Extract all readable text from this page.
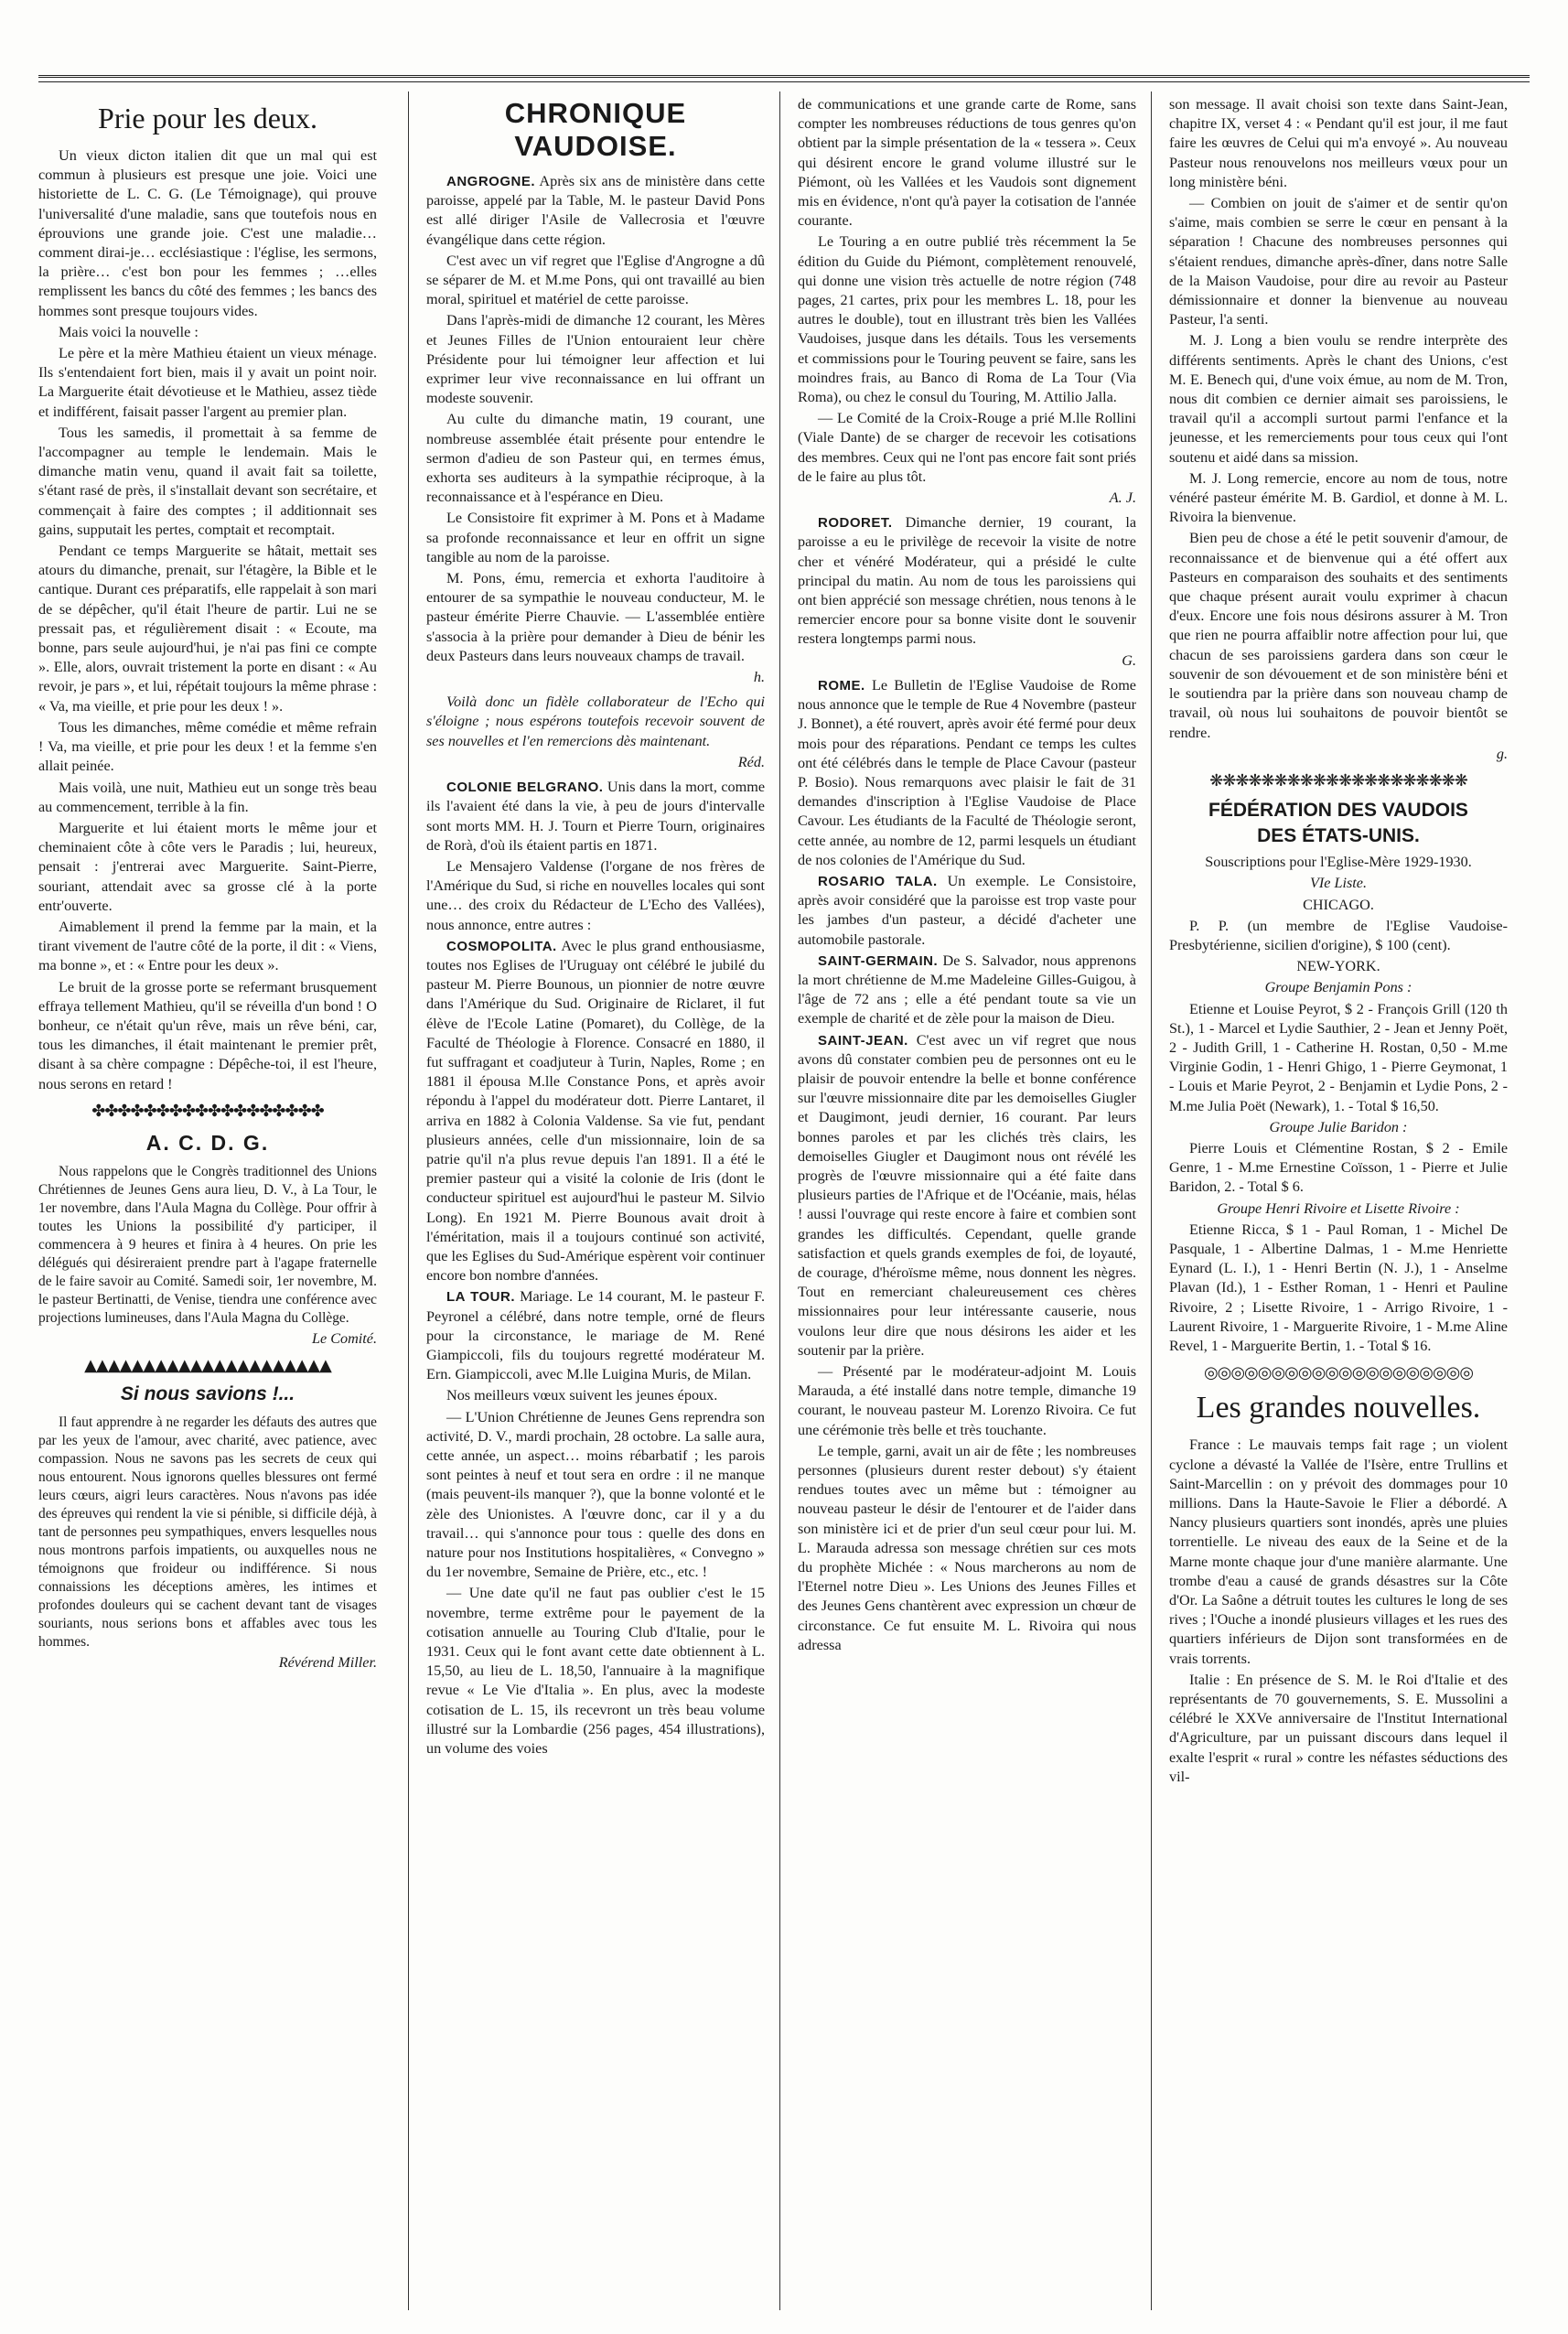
Prie pour les deux.

Un vieux dicton italien dit que un mal qui est commun à plusieurs est presque une joie. Voici une historiette de L. C. G. (Le Témoignage), qui prouve l'universalité d'une maladie, sans que toutefois nous en éprouvions une grande joie. C'est une maladie… comment dirai-je… ecclésiastique : l'église, les sermons, la prière… c'est bon pour les femmes ; …elles remplissent les bancs du côté des femmes ; les bancs des hommes sont presque toujours vides.

Mais voici la nouvelle :

Le père et la mère Mathieu étaient un vieux ménage. Ils s'entendaient fort bien, mais il y avait un point noir. La Marguerite était dévotieuse et le Mathieu, assez tiède et indifférent, faisait passer l'argent au premier plan.

Tous les samedis, il promettait à sa femme de l'accompagner au temple le lendemain. Mais le dimanche matin venu, quand il avait fait sa toilette, s'étant rasé de près, il s'installait devant son secrétaire, et commençait à faire des comptes ; il additionnait ses gains, supputait les pertes, comptait et recomptait.

Pendant ce temps Marguerite se hâtait, mettait ses atours du dimanche, prenait, sur l'étagère, la Bible et le cantique. Durant ces préparatifs, elle rappelait à son mari de se dépêcher, qu'il était l'heure de partir. Lui ne se pressait pas, et régulièrement disait : « Ecoute, ma bonne, pars seule aujourd'hui, je n'ai pas fini ce compte ». Elle, alors, ouvrait tristement la porte en disant : « Au revoir, je pars », et lui, répétait toujours la même phrase : « Va, ma vieille, et prie pour les deux ! ».

Tous les dimanches, même comédie et même refrain ! Va, ma vieille, et prie pour les deux ! et la femme s'en allait peinée.

Mais voilà, une nuit, Mathieu eut un songe très beau au commencement, terrible à la fin.

Marguerite et lui étaient morts le même jour et cheminaient côte à côte vers le Paradis ; lui, heureux, pensait : j'entrerai avec Marguerite. Saint-Pierre, souriant, attendait avec sa grosse clé à la porte entr'ouverte.

Aimablement il prend la femme par la main, et la tirant vivement de l'autre côté de la porte, il dit : « Viens, ma bonne », et : « Entre pour les deux ».

Le bruit de la grosse porte se refermant brusquement effraya tellement Mathieu, qu'il se réveilla d'un bond ! O bonheur, ce n'était qu'un rêve, mais un rêve béni, car, tous les dimanches, il était maintenant le premier prêt, disant à sa chère compagne : Dépêche-toi, il est l'heure, nous serons en retard !

✤✤✤✤✤✤✤✤✤✤✤✤✤✤✤✤✤✤
A. C. D. G.

Nous rappelons que le Congrès traditionnel des Unions Chrétiennes de Jeunes Gens aura lieu, D. V., à La Tour, le 1er novembre, dans l'Aula Magna du Collège. Pour offrir à toutes les Unions la possibilité d'y participer, il commencera à 9 heures et finira à 4 heures. On prie les délégués qui désireraient prendre part à l'agape fraternelle de le faire savoir au Comité. Samedi soir, 1er novembre, M. le pasteur Bertinatti, de Venise, tiendra une conférence avec projections lumineuses, dans l'Aula Magna du Collège.

Le Comité.
▲▲▲▲▲▲▲▲▲▲▲▲▲▲▲▲▲▲▲▲▲
Si nous savions !...

Il faut apprendre à ne regarder les défauts des autres que par les yeux de l'amour, avec charité, avec patience, avec compassion. Nous ne savons pas les secrets de ceux qui nous entourent. Nous ignorons quelles blessures ont fermé leurs cœurs, aigri leurs caractères. Nous n'avons pas idée des épreuves qui rendent la vie si pénible, si difficile déjà, à tant de personnes peu sympathiques, envers lesquelles nous nous montrons parfois impatients, ou auxquelles nous ne témoignons que froideur ou indifférence. Si nous connaissions les déceptions amères, les intimes et profondes douleurs qui se cachent devant tant de visages souriants, nous serions bons et affables avec tous les hommes.

Révérend Miller.
CHRONIQUE VAUDOISE.

ANGROGNE. Après six ans de ministère dans cette paroisse, appelé par la Table, M. le pasteur David Pons est allé diriger l'Asile de Vallecrosia et l'œuvre évangélique dans cette région.

C'est avec un vif regret que l'Eglise d'Angrogne a dû se séparer de M. et M.me Pons, qui ont travaillé au bien moral, spirituel et matériel de cette paroisse.

Dans l'après-midi de dimanche 12 courant, les Mères et Jeunes Filles de l'Union entouraient leur chère Présidente pour lui témoigner leur affection et lui exprimer leur vive reconnaissance en lui offrant un modeste souvenir.

Au culte du dimanche matin, 19 courant, une nombreuse assemblée était présente pour entendre le sermon d'adieu de son Pasteur qui, en termes émus, exhorta ses auditeurs à la sympathie réciproque, à la reconnaissance et à l'espérance en Dieu.

Le Consistoire fit exprimer à M. Pons et à Madame sa profonde reconnaissance et leur en offrit un signe tangible au nom de la paroisse.

M. Pons, ému, remercia et exhorta l'auditoire à entourer de sa sympathie le nouveau conducteur, M. le pasteur émérite Pierre Chauvie. — L'assemblée entière s'associa à la prière pour demander à Dieu de bénir les deux Pasteurs dans leurs nouveaux champs de travail.

h.

Voilà donc un fidèle collaborateur de l'Echo qui s'éloigne ; nous espérons toutefois recevoir souvent de ses nouvelles et l'en remercions dès maintenant.

Réd.

COLONIE BELGRANO. Unis dans la mort, comme ils l'avaient été dans la vie, à peu de jours d'intervalle sont morts MM. H. J. Tourn et Pierre Tourn, originaires de Rorà, d'où ils étaient partis en 1871.

Le Mensajero Valdense (l'organe de nos frères de l'Amérique du Sud, si riche en nouvelles locales qui sont une… des croix du Rédacteur de L'Echo des Vallées), nous annonce, entre autres :

COSMOPOLITA. Avec le plus grand enthousiasme, toutes nos Eglises de l'Uruguay ont célébré le jubilé du pasteur M. Pierre Bounous, un pionnier de notre œuvre dans l'Amérique du Sud. Originaire de Riclaret, il fut élève de l'Ecole Latine (Pomaret), du Collège, de la Faculté de Théologie à Florence. Consacré en 1880, il fut suffragant et coadjuteur à Turin, Naples, Rome ; en 1881 il épousa M.lle Constance Pons, et après avoir répondu à l'appel du modérateur dott. Pierre Lantaret, il arriva en 1882 à Colonia Valdense. Sa vie fut, pendant plusieurs années, celle d'un missionnaire, loin de sa patrie qu'il n'a plus revue depuis l'an 1891. Il a été le premier pasteur qui a visité la colonie de Iris (dont le conducteur spirituel est aujourd'hui le pasteur M. Silvio Long). En 1921 M. Pierre Bounous avait droit à l'éméritation, mais il a toujours continué son activité, que les Eglises du Sud-Amérique espèrent voir continuer encore bon nombre d'années.

LA TOUR. Mariage. Le 14 courant, M. le pasteur F. Peyronel a célébré, dans notre temple, orné de fleurs pour la circonstance, le mariage de M. René Giampiccoli, fils du toujours regretté modérateur M. Ern. Giampiccoli, avec M.lle Luigina Muris, de Milan.

Nos meilleurs vœux suivent les jeunes époux.

— L'Union Chrétienne de Jeunes Gens reprendra son activité, D. V., mardi prochain, 28 octobre. La salle aura, cette année, un aspect… moins rébarbatif ; les parois sont peintes à neuf et tout sera en ordre : il ne manque (mais peuvent-ils manquer ?), que la bonne volonté et le zèle des Unionistes. A l'œuvre donc, car il y a du travail… qui s'annonce pour tous : quelle des dons en nature pour nos Institutions hospitalières, « Convegno » du 1er novembre, Semaine de Prière, etc., etc. !

— Une date qu'il ne faut pas oublier c'est le 15 novembre, terme extrême pour le payement de la cotisation annuelle au Touring Club d'Italie, pour le 1931. Ceux qui le font avant cette date obtiennent à L. 15,50, au lieu de L. 18,50, l'annuaire à la magnifique revue « Le Vie d'Italia ». En plus, avec la modeste cotisation de L. 15, ils recevront un très beau volume illustré sur la Lombardie (256 pages, 454 illustrations), un volume des voies

de communications et une grande carte de Rome, sans compter les nombreuses réductions de tous genres qu'on obtient par la simple présentation de la « tessera ». Ceux qui désirent encore le grand volume illustré sur le Piémont, où les Vallées et les Vaudois sont dignement mis en évidence, n'ont qu'à payer la cotisation de l'année courante.

Le Touring a en outre publié très récemment la 5e édition du Guide du Piémont, complètement renouvelé, qui donne une vision très actuelle de notre région (748 pages, 21 cartes, prix pour les membres L. 18, pour les autres le double), tout en illustrant très bien les Vallées Vaudoises, jusque dans les détails. Tous les versements et commissions pour le Touring peuvent se faire, sans les moindres frais, au Banco di Roma de La Tour (Via Roma), ou chez le consul du Touring, M. Attilio Jalla.

— Le Comité de la Croix-Rouge a prié M.lle Rollini (Viale Dante) de se charger de recevoir les cotisations des membres. Ceux qui ne l'ont pas encore fait sont priés de le faire au plus tôt.

A. J.

RODORET. Dimanche dernier, 19 courant, la paroisse a eu le privilège de recevoir la visite de notre cher et vénéré Modérateur, qui a présidé le culte principal du matin. Au nom de tous les paroissiens qui ont bien apprécié son message chrétien, nous tenons à le remercier encore pour sa bonne visite dont le souvenir restera longtemps parmi nous.

G.

ROME. Le Bulletin de l'Eglise Vaudoise de Rome nous annonce que le temple de Rue 4 Novembre (pasteur J. Bonnet), a été rouvert, après avoir été fermé pour deux mois pour des réparations. Pendant ce temps les cultes ont été célébrés dans le temple de Place Cavour (pasteur P. Bosio). Nous remarquons avec plaisir le fait de 31 demandes d'inscription à l'Eglise Vaudoise de Place Cavour. Les étudiants de la Faculté de Théologie seront, cette année, au nombre de 12, parmi lesquels un étudiant de nos colonies de l'Amérique du Sud.

ROSARIO TALA. Un exemple. Le Consistoire, après avoir considéré que la paroisse est trop vaste pour les jambes d'un pasteur, a décidé d'acheter une automobile pastorale.

SAINT-GERMAIN. De S. Salvador, nous apprenons la mort chrétienne de M.me Madeleine Gilles-Guigou, à l'âge de 72 ans ; elle a été pendant toute sa vie un exemple de charité et de zèle pour la maison de Dieu.

SAINT-JEAN. C'est avec un vif regret que nous avons dû constater combien peu de personnes ont eu le plaisir de pouvoir entendre la belle et bonne conférence sur l'œuvre missionnaire dite par les demoiselles Giugler et Daugimont, jeudi dernier, 16 courant. Par leurs bonnes paroles et par les clichés très clairs, les demoiselles Giugler et Daugimont nous ont révélé les progrès de l'œuvre missionnaire qui a été faite dans plusieurs parties de l'Afrique et de l'Océanie, mais, hélas ! aussi l'ouvrage qui reste encore à faire et combien sont grandes les difficultés. Cependant, quelle grande satisfaction et quels grands exemples de foi, de loyauté, de courage, d'héroïsme même, nous donnent les nègres. Tout en remerciant chaleureusement ces chères missionnaires pour leur intéressante causerie, nous voulons leur dire que nous désirons les aider et les soutenir par la prière.

— Présenté par le modérateur-adjoint M. Louis Marauda, a été installé dans notre temple, dimanche 19 courant, le nouveau pasteur M. Lorenzo Rivoira. Ce fut une cérémonie très belle et très touchante.

Le temple, garni, avait un air de fête ; les nombreuses personnes (plusieurs durent rester debout) s'y étaient rendues toutes avec un même but : témoigner au nouveau pasteur le désir de l'entourer et de l'aider dans son ministère ici et de prier d'un seul cœur pour lui. M. L. Marauda adressa son message chrétien sur ces mots du prophète Michée : « Nous marcherons au nom de l'Eternel notre Dieu ». Les Unions des Jeunes Filles et des Jeunes Gens chantèrent avec expression un chœur de circonstance. Ce fut ensuite M. L. Rivoira qui nous adressa

son message. Il avait choisi son texte dans Saint-Jean, chapitre IX, verset 4 : « Pendant qu'il est jour, il me faut faire les œuvres de Celui qui m'a envoyé ». Au nouveau Pasteur nous renouvelons nos meilleurs vœux pour un long ministère béni.

— Combien on jouit de s'aimer et de sentir qu'on s'aime, mais combien se serre le cœur en pensant à la séparation ! Chacune des nombreuses personnes qui s'étaient rendues, dimanche après-dîner, dans notre Salle de la Maison Vaudoise, pour dire au revoir au Pasteur démissionnaire et donner la bienvenue au nouveau Pasteur, l'a senti.

M. J. Long a bien voulu se rendre interprète des différents sentiments. Après le chant des Unions, c'est M. E. Benech qui, d'une voix émue, au nom de M. Tron, nous dit combien ce dernier aimait ses paroissiens, le travail qu'il a accompli surtout parmi l'enfance et la jeunesse, et les remerciements pour tous ceux qui l'ont soutenu et aidé dans sa mission.

M. J. Long remercie, encore au nom de tous, notre vénéré pasteur émérite M. B. Gardiol, et donne à M. L. Rivoira la bienvenue.

Bien peu de chose a été le petit souvenir d'amour, de reconnaissance et de bienvenue qui a été offert aux Pasteurs en comparaison des souhaits et des sentiments que chaque présent aurait voulu exprimer à chacun d'eux. Encore une fois nous désirons assurer à M. Tron que rien ne pourra affaiblir notre affection pour lui, que chacun de ses paroissiens gardera dans son cœur le souvenir de son dévouement et de son ministère béni et le soutiendra par la prière dans son nouveau champ de travail, où nous lui souhaitons de pouvoir bientôt se rendre.

g.
❋❋❋❋❋❋❋❋❋❋❋❋❋❋❋❋❋❋❋❋
FÉDÉRATION DES VAUDOIS
DES ÉTATS-UNIS.
Souscriptions pour l'Eglise-Mère 1929-1930.
VIe Liste.
CHICAGO.

P. P. (un membre de l'Eglise Vaudoise-Presbytérienne, sicilien d'origine), $ 100 (cent).

NEW-YORK.
Groupe Benjamin Pons :

Etienne et Louise Peyrot, $ 2 - François Grill (120 th St.), 1 - Marcel et Lydie Sauthier, 2 - Jean et Jenny Poët, 2 - Judith Grill, 1 - Catherine H. Rostan, 0,50 - M.me Virginie Godin, 1 - Henri Ghigo, 1 - Pierre Geymonat, 1 - Louis et Marie Peyrot, 2 - Benjamin et Lydie Pons, 2 - M.me Julia Poët (Newark), 1. - Total $ 16,50.

Groupe Julie Baridon :

Pierre Louis et Clémentine Rostan, $ 2 - Emile Genre, 1 - M.me Ernestine Coïsson, 1 - Pierre et Julie Baridon, 2. - Total $ 6.

Groupe Henri Rivoire et Lisette Rivoire :

Etienne Ricca, $ 1 - Paul Roman, 1 - Michel De Pasquale, 1 - Albertine Dalmas, 1 - M.me Henriette Eynard (L. I.), 1 - Henri Bertin (N. J.), 1 - Anselme Plavan (Id.), 1 - Esther Roman, 1 - Henri et Pauline Rivoire, 2 ; Lisette Rivoire, 1 - Arrigo Rivoire, 1 - Laurent Rivoire, 1 - Marguerite Rivoire, 1 - M.me Aline Revel, 1 - Marguerite Bertin, 1. - Total $ 16.

◎◎◎◎◎◎◎◎◎◎◎◎◎◎◎◎◎◎◎◎
Les grandes nouvelles.

France : Le mauvais temps fait rage ; un violent cyclone a dévasté la Vallée de l'Isère, entre Trullins et Saint-Marcellin : on y prévoit des dommages pour 10 millions. Dans la Haute-Savoie le Flier a débordé. A Nancy plusieurs quartiers sont inondés, après une pluies torrentielle. Le niveau des eaux de la Seine et de la Marne monte chaque jour d'une manière alarmante. Une trombe d'eau a causé de grands désastres sur la Côte d'Or. La Saône a détruit toutes les cultures le long de ses rives ; l'Ouche a inondé plusieurs villages et les rues des quartiers inférieurs de Dijon sont transformées en de vrais torrents.

Italie : En présence de S. M. le Roi d'Italie et des représentants de 70 gouvernements, S. E. Mussolini a célébré le XXVe anniversaire de l'Institut International d'Agriculture, par un puissant discours dans lequel il exalte l'esprit « rural » contre les néfastes séductions des vil-
